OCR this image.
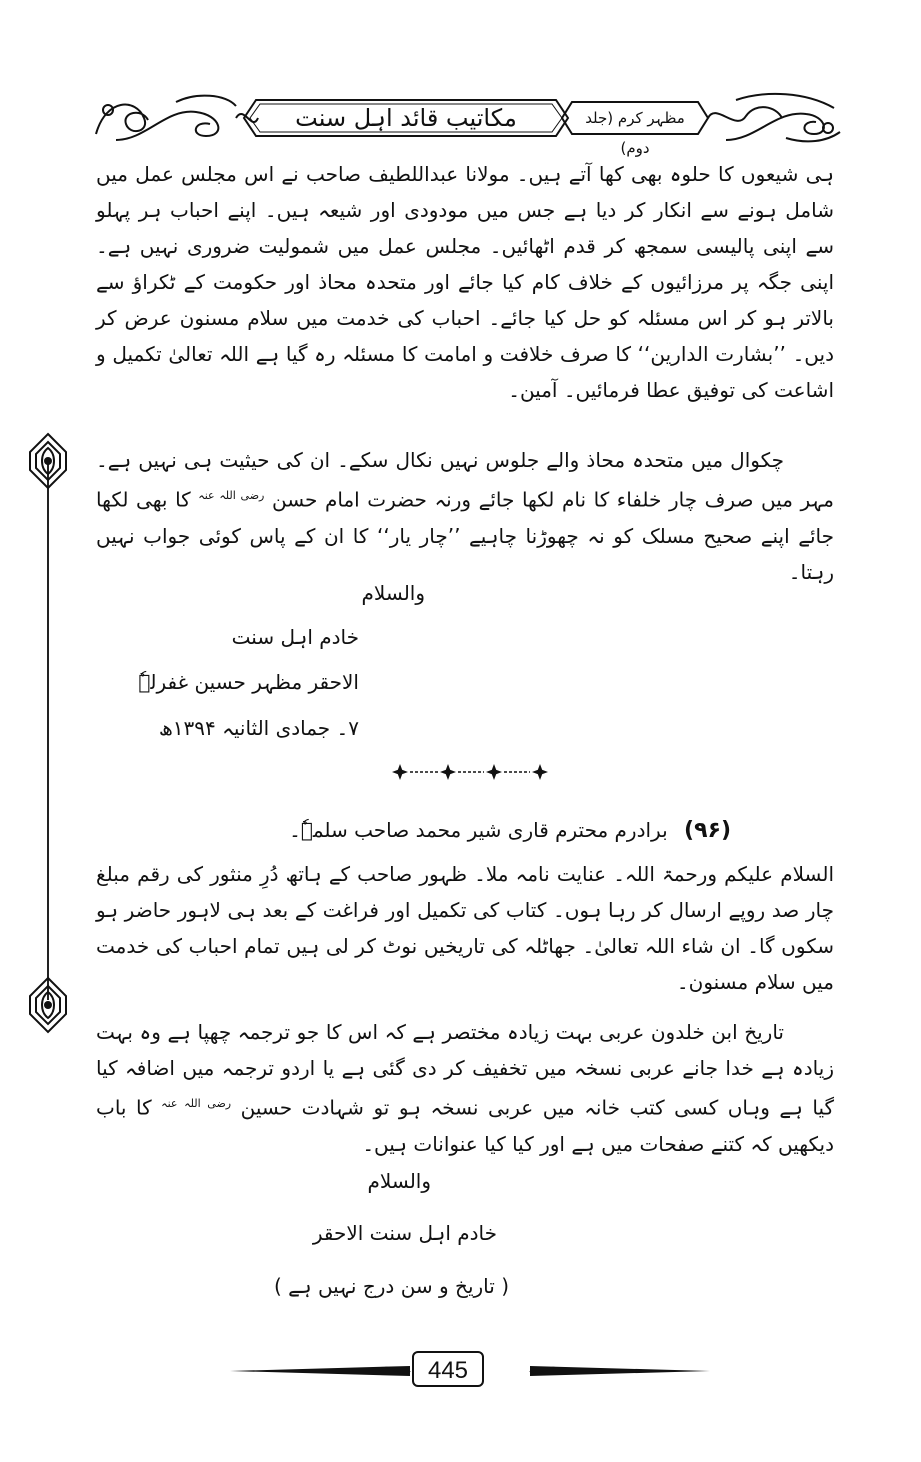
مکاتیب قائد اہل سنت	مظہر کرم (جلد دوم)

ہی شیعوں کا حلوہ بھی کھا آتے ہیں۔ مولانا عبداللطیف صاحب نے اس مجلس عمل میں شامل ہونے سے انکار کر دیا ہے جس میں مودودی اور شیعہ ہیں۔ اپنے احباب ہر پہلو سے اپنی پالیسی سمجھ کر قدم اٹھائیں۔ مجلس عمل میں شمولیت ضروری نہیں ہے۔ اپنی جگہ پر مرزائیوں کے خلاف کام کیا جائے اور متحدہ محاذ اور حکومت کے ٹکراؤ سے بالاتر ہو کر اس مسئلہ کو حل کیا جائے۔ احباب کی خدمت میں سلام مسنون عرض کر دیں۔ ’’بشارت الدارین‘‘ کا صرف خلافت و امامت کا مسئلہ رہ گیا ہے اللہ تعالیٰ تکمیل و اشاعت کی توفیق عطا فرمائیں۔ آمین۔

چکوال میں متحدہ محاذ والے جلوس نہیں نکال سکے۔ ان کی حیثیت ہی نہیں ہے۔ مہر میں صرف چار خلفاء کا نام لکھا جائے ورنہ حضرت امام حسن $^{رضی اللہ عنہ}$ کا بھی لکھا جائے اپنے صحیح مسلک کو نہ چھوڑنا چاہیے ’’چار یار‘‘ کا ان کے پاس کوئی جواب نہیں رہتا۔

والسلام
خادم اہل سنت
الاحقر مظہر حسین غفرلہٗ
۷۔ جمادی الثانیہ ۱۳۹۴ھ
(۹۶) برادرم محترم قاری شیر محمد صاحب سلمہٗ۔

السلام علیکم ورحمۃ اللہ۔ عنایت نامہ ملا۔ ظہور صاحب کے ہاتھ دُرِ منثور کی رقم مبلغ چار صد روپے ارسال کر رہا ہوں۔ کتاب کی تکمیل اور فراغت کے بعد ہی لاہور حاضر ہو سکوں گا۔ ان شاء اللہ تعالیٰ۔ جھاٹلہ کی تاریخیں نوٹ کر لی ہیں تمام احباب کی خدمت میں سلام مسنون۔

تاریخ ابن خلدون عربی بہت زیادہ مختصر ہے کہ اس کا جو ترجمہ چھپا ہے وہ بہت زیادہ ہے خدا جانے عربی نسخہ میں تخفیف کر دی گئی ہے یا اردو ترجمہ میں اضافہ کیا گیا ہے وہاں کسی کتب خانہ میں عربی نسخہ ہو تو شہادت حسین $^{رضی اللہ عنہ}$ کا باب دیکھیں کہ کتنے صفحات میں ہے اور کیا کیا عنوانات ہیں۔

والسلام
خادم اہل سنت الاحقر
( تاریخ و سن درج نہیں ہے )
445
